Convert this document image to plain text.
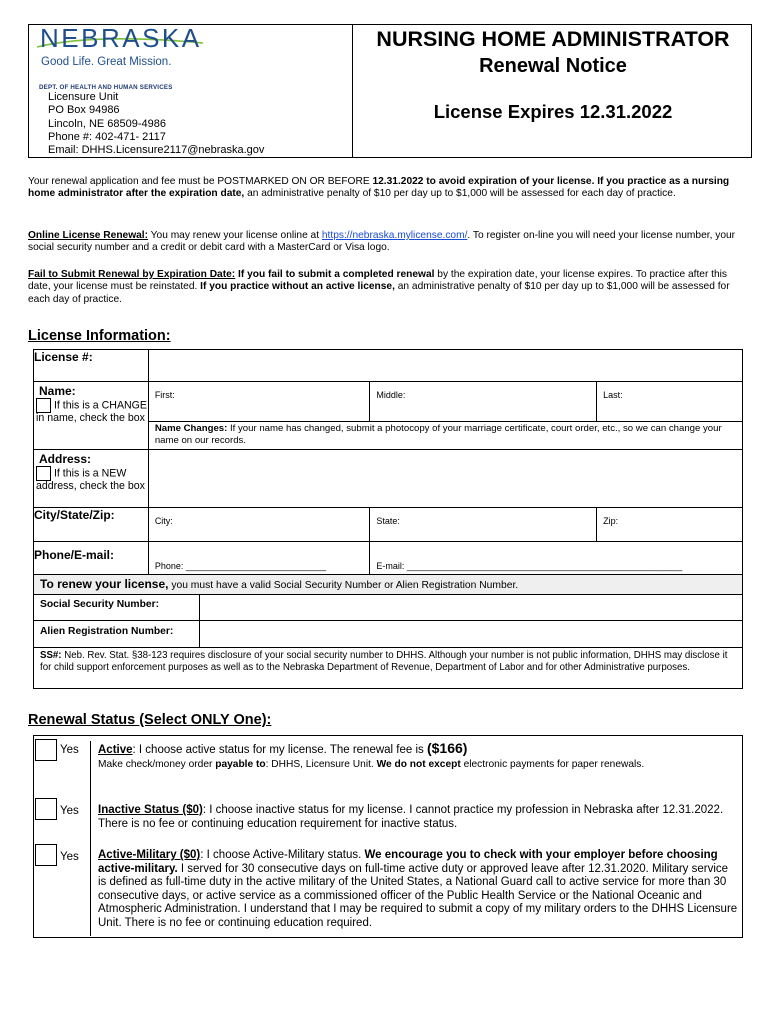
NEBRASKA
Good Life. Great Mission.
DEPT. OF HEALTH AND HUMAN SERVICES
Licensure Unit
PO Box 94986
Lincoln, NE 68509-4986
Phone #: 402-471- 2117
Email: DHHS.Licensure2117@nebraska.gov
NURSING HOME ADMINISTRATOR
Renewal Notice
License Expires 12.31.2022
Your renewal application and fee must be POSTMARKED ON OR BEFORE 12.31.2022 to avoid expiration of your license. If you practice as a nursing home administrator after the expiration date, an administrative penalty of $10 per day up to $1,000 will be assessed for each day of practice.
Online License Renewal: You may renew your license online at https://nebraska.mylicense.com/. To register on-line you will need your license number, your social security number and a credit or debit card with a MasterCard or Visa logo.
Fail to Submit Renewal by Expiration Date: If you fail to submit a completed renewal by the expiration date, your license expires. To practice after this date, your license must be reinstated. If you practice without an active license, an administrative penalty of $10 per day up to $1,000 will be assessed for each day of practice.
License Information:
License #:				

Name:
If this is a CHANGE in name, check the box	First:		Middle:	Last:
	Name Changes: If your name has changed, submit a photocopy of your marriage certificate, court order, etc., so we can change your name on our records.			

Address:
If this is a NEW address, check the box				

City/State/Zip:	City:		State:	Zip:
Phone/E-mail:	Phone: ____________________________		E-mail: _______________________________________________________	
To renew your license, you must have a valid Social Security Number or Alien Registration Number.				
Social Security Number:				
Alien Registration Number:				
SS#: Neb. Rev. Stat. §38-123 requires disclosure of your social security number to DHHS. Although your number is not public information, DHHS may disclose it for child support enforcement purposes as well as to the Nebraska Department of Revenue, Department of Labor and for other Administrative purposes.				
Renewal Status (Select ONLY One):
Yes Active: I choose active status for my license. The renewal fee is ($166)
Make check/money order payable to: DHHS, Licensure Unit. We do not except electronic payments for paper renewals.
Yes Inactive Status ($0): I choose inactive status for my license. I cannot practice my profession in Nebraska after 12.31.2022. There is no fee or continuing education requirement for inactive status.
Yes Active-Military ($0): I choose Active-Military status. We encourage you to check with your employer before choosing active-military. I served for 30 consecutive days on full-time active duty or approved leave after 12.31.2020. Military service is defined as full-time duty in the active military of the United States, a National Guard call to active service for more than 30 consecutive days, or active service as a commissioned officer of the Public Health Service or the National Oceanic and Atmospheric Administration. I understand that I may be required to submit a copy of my military orders to the DHHS Licensure Unit. There is no fee or continuing education required.
